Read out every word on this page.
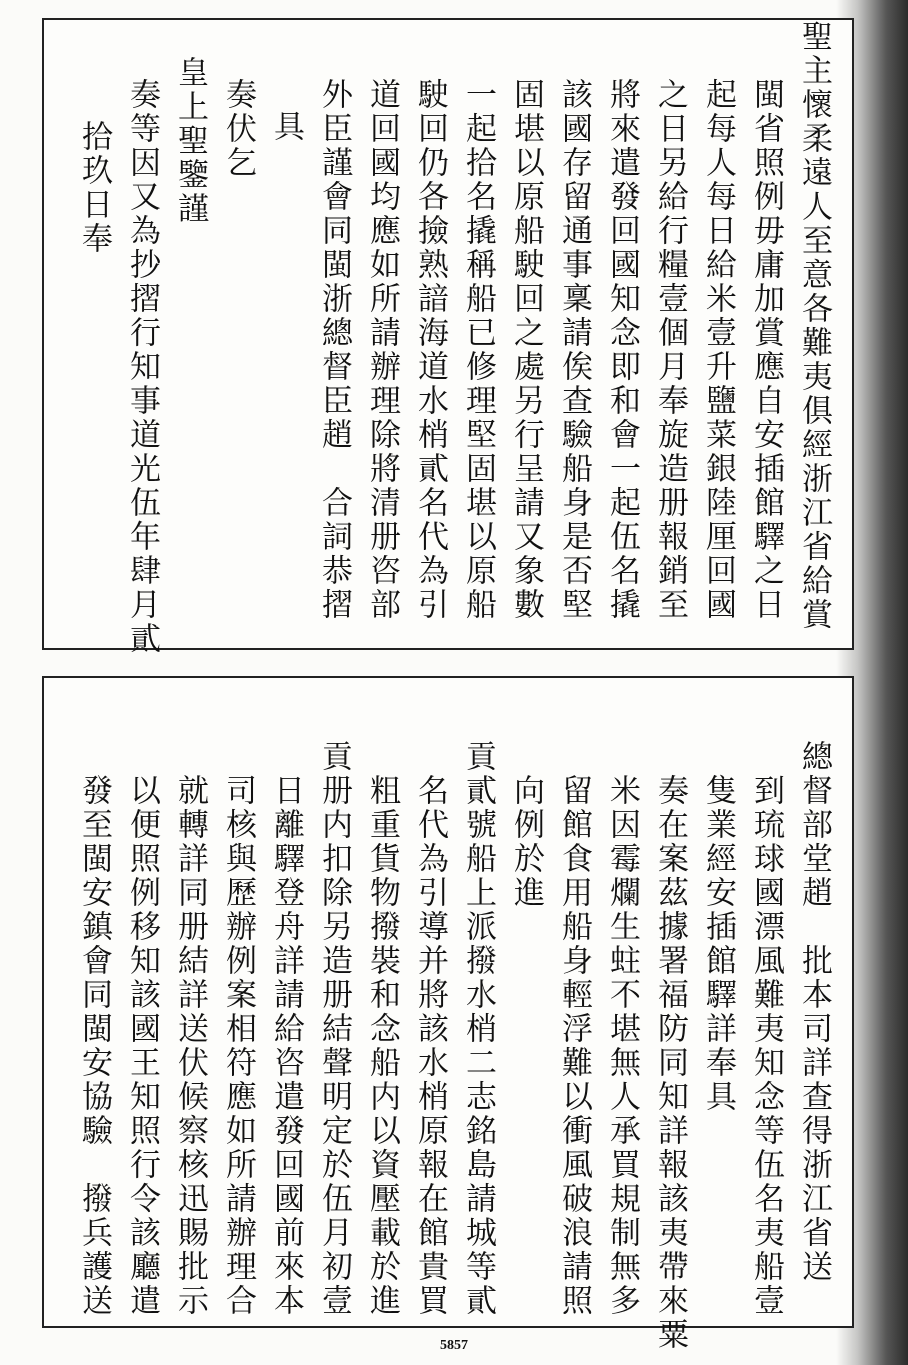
聖主懷柔遠人至意各難夷俱經浙江省給賞
閩省照例毋庸加賞應自安插館驛之日
起每人每日給米壹升鹽菜銀陸厘回國
之日另給行糧壹個月奉旋造册報銷至
將來遣發回國知念即和會一起伍名撬
該國存留通事稟請俟查驗船身是否堅
固堪以原船駛回之處另行呈請又象數
一起拾名撬稱船已修理堅固堪以原船
駛回仍各撿熟諳海道水梢貳名代為引
道回國均應如所請辦理除將清册咨部
外臣謹會同閩浙總督臣趙　合詞恭摺
具
奏伏乞
皇上聖鑒謹
奏等因又為抄摺行知事道光伍年肆月貳
拾玖日奉
總督部堂趙　批本司詳查得浙江省送
到琉球國漂風難夷知念等伍名夷船壹
隻業經安插館驛詳奉具
奏在案茲據署福防同知詳報該夷帶來粟
米因霉爛生蛀不堪無人承買規制無多
留館食用船身輕浮難以衝風破浪請照
向例於進
貢貳號船上派撥水梢二志銘島請城等貳
名代為引導并將該水梢原報在館貴買
粗重貨物撥裝和念船内以資壓載於進
貢册内扣除另造册結聲明定於伍月初壹
日離驛登舟詳請給咨遣發回國前來本
司核與歷辦例案相符應如所請辦理合
就轉詳同册結詳送伏候察核迅賜批示
以便照例移知該國王知照行令該廳遣
發至閩安鎮會同閩安協驗　撥兵護送
5857
